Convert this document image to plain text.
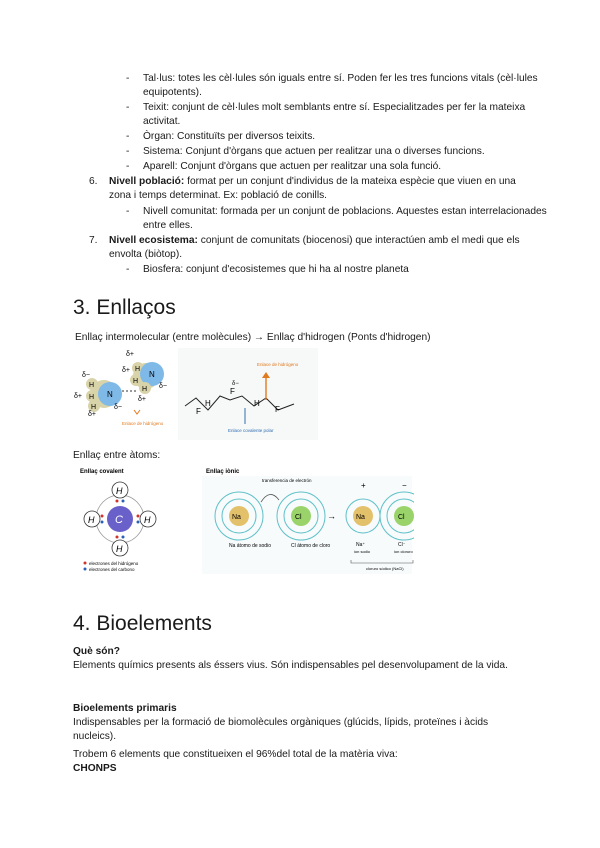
- Tal·lus: totes les cèl·lules són iguals entre sí. Poden fer les tres funcions vitals (cèl·lules equipotents).
- Teixit: conjunt de cèl·lules molt semblants entre sí. Especialitzades per fer la mateixa activitat.
- Òrgan: Constituïts per diversos teixits.
- Sistema: Conjunt d'òrgans que actuen per realitzar una o diverses funcions.
- Aparell: Conjunt d'òrgans que actuen per realitzar una sola funció.
6. Nivell població: format per un conjunt d'individus de la mateixa espècie que viuen en una zona i temps determinat. Ex: població de conills.
- Nivell comunitat: formada per un conjunt de poblacions. Aquestes estan interrelacionades entre elles.
7. Nivell ecosistema: conjunt de comunitats (biocenosi) que interactúen amb el medi que els envolta (biòtop).
- Biosfera: conjunt d'ecosistemes que hi ha al nostre planeta
3. Enllaços
Enllaç intermolecular (entre molècules) → Enllaç d'hidrogen (Ponts d'hidrogen)
N
H
H
H
δ−
δ+
δ+
N
H
H
H
δ+
δ+
δ−
δ+
δ−
Enlace de hidrógeno
F
H
F
H
F
δ−
Enlace de hidrógeno
Enlace covalente polar
Enllaç entre àtoms:
Enllaç covalent
C
H
H
H	H
electrones del hidrógeno
electrones del carbono
Enllaç iònic
Na	Cl
transferencia de electrón
Na átomo de sodio	Cl átomo de cloro
→	Na
+
Cl
−
Na⁺	Cl⁻
ion sodio	ion cloruro
cloruro sódico (NaCl)
4. Bioelements
Què són?
Elements químics presents als éssers vius. Són indispensables pel desenvolupament de la vida.
Bioelements primaris
Indispensables per la formació de biomolècules orgàniques (glúcids, lípids, proteïnes i àcids nucleics).
Trobem 6 elements que constitueixen el 96%del total de la matèria viva:
CHONPS
